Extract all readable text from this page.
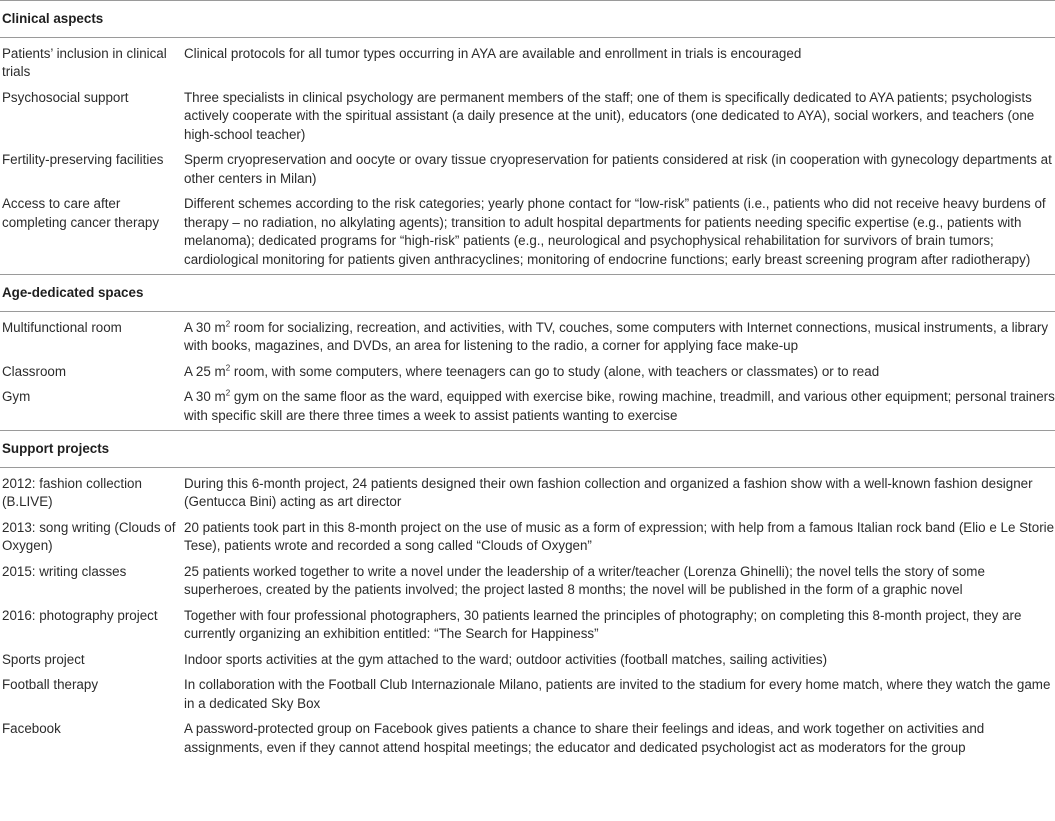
Clinical aspects	
Patients’ inclusion in clinical trials	Clinical protocols for all tumor types occurring in AYA are available and enrollment in trials is encouraged
Psychosocial support	Three specialists in clinical psychology are permanent members of the staff; one of them is specifically dedicated to AYA patients; psychologists actively cooperate with the spiritual assistant (a daily presence at the unit), educators (one dedicated to AYA), social workers, and teachers (one high-school teacher)
Fertility-preserving facilities	Sperm cryopreservation and oocyte or ovary tissue cryopreservation for patients considered at risk (in cooperation with gynecology departments at other centers in Milan)
Access to care after completing cancer therapy	Different schemes according to the risk categories; yearly phone contact for “low-risk” patients (i.e., patients who did not receive heavy burdens of therapy – no radiation, no alkylating agents); transition to adult hospital departments for patients needing specific expertise (e.g., patients with melanoma); dedicated programs for “high-risk” patients (e.g., neurological and psychophysical rehabilitation for survivors of brain tumors; cardiological monitoring for patients given anthracyclines; monitoring of endocrine functions; early breast screening program after radiotherapy)
Age-dedicated spaces	
Multifunctional room	A 30 $m^2$ room for socializing, recreation, and activities, with TV, couches, some computers with Internet connections, musical instruments, a library with books, magazines, and DVDs, an area for listening to the radio, a corner for applying face make-up
Classroom	A 25 $m^2$ room, with some computers, where teenagers can go to study (alone, with teachers or classmates) or to read
Gym	A 30 $m^2$ gym on the same floor as the ward, equipped with exercise bike, rowing machine, treadmill, and various other equipment; personal trainers with specific skill are there three times a week to assist patients wanting to exercise
Support projects	
2012: fashion collection (B.LIVE)	During this 6-month project, 24 patients designed their own fashion collection and organized a fashion show with a well-known fashion designer (Gentucca Bini) acting as art director
2013: song writing (Clouds of Oxygen)	20 patients took part in this 8-month project on the use of music as a form of expression; with help from a famous Italian rock band (Elio e Le Storie Tese), patients wrote and recorded a song called “Clouds of Oxygen”
2015: writing classes	25 patients worked together to write a novel under the leadership of a writer/teacher (Lorenza Ghinelli); the novel tells the story of some superheroes, created by the patients involved; the project lasted 8 months; the novel will be published in the form of a graphic novel
2016: photography project	Together with four professional photographers, 30 patients learned the principles of photography; on completing this 8-month project, they are currently organizing an exhibition entitled: “The Search for Happiness”
Sports project	Indoor sports activities at the gym attached to the ward; outdoor activities (football matches, sailing activities)
Football therapy	In collaboration with the Football Club Internazionale Milano, patients are invited to the stadium for every home match, where they watch the game in a dedicated Sky Box
Facebook	A password-protected group on Facebook gives patients a chance to share their feelings and ideas, and work together on activities and assignments, even if they cannot attend hospital meetings; the educator and dedicated psychologist act as moderators for the group
